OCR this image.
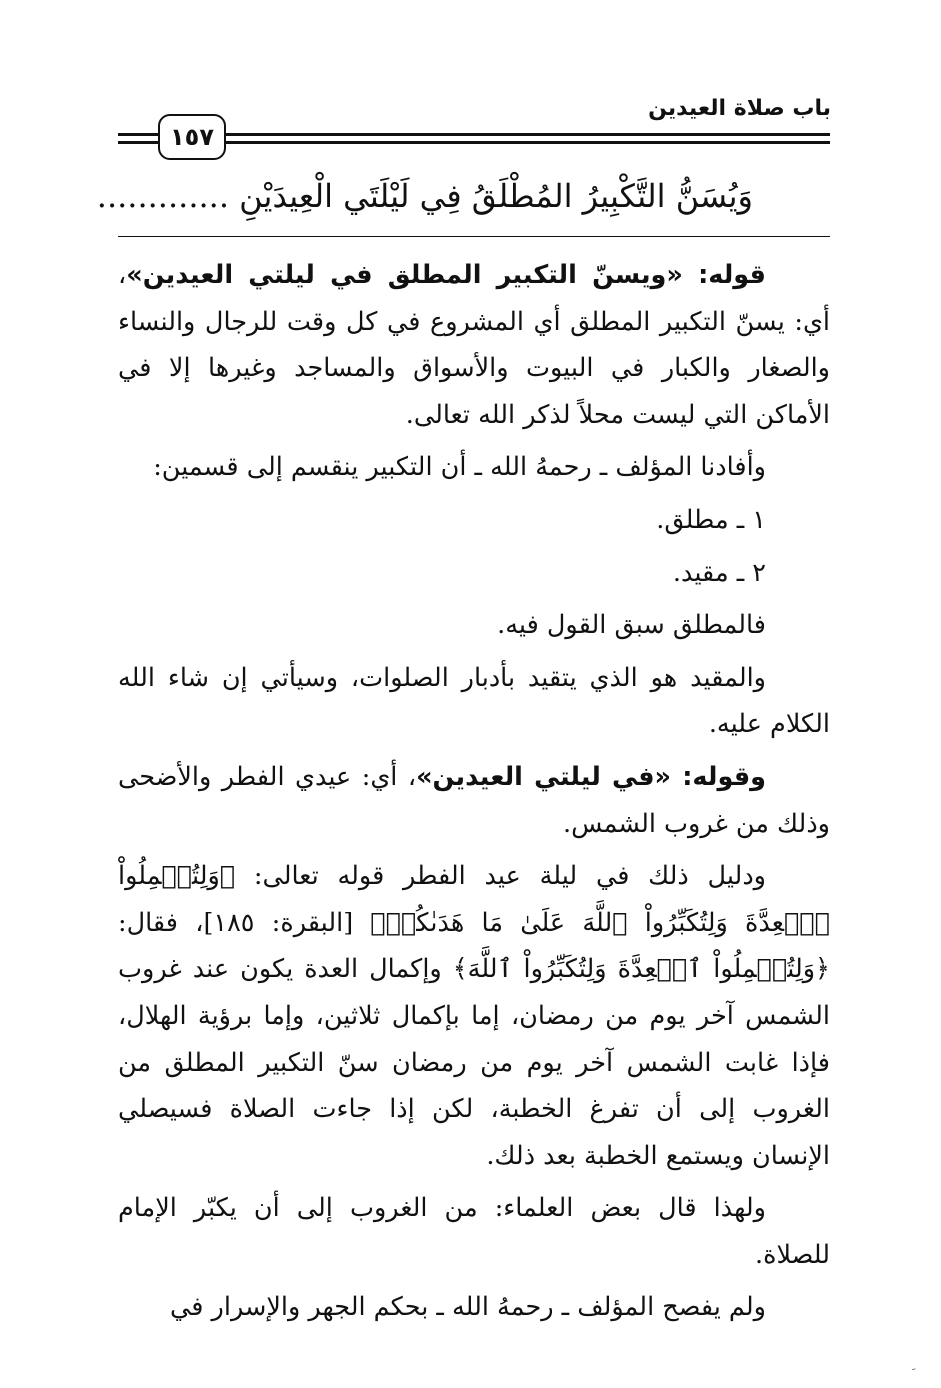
باب صلاة العيدين
١٥٧
وَيُسَنُّ التَّكْبِيرُ المُطْلَقُ فِي لَيْلَتَي الْعِيدَيْنِ .............

قوله: «ويسنّ التكبير المطلق في ليلتي العيدين»، أي: يسنّ التكبير المطلق أي المشروع في كل وقت للرجال والنساء والصغار والكبار في البيوت والأسواق والمساجد وغيرها إلا في الأماكن التي ليست محلاً لذكر الله تعالى.

وأفادنا المؤلف ـ رحمهُ الله ـ أن التكبير ينقسم إلى قسمين:

١ ـ مطلق.

٢ ـ مقيد.

فالمطلق سبق القول فيه.

والمقيد هو الذي يتقيد بأدبار الصلوات، وسيأتي إن شاء الله الكلام عليه.

وقوله: «في ليلتي العيدين»، أي: عيدي الفطر والأضحى وذلك من غروب الشمس.

ودليل ذلك في ليلة عيد الفطر قوله تعالى: ﴿وَلِتُكۡمِلُواْ ٱلۡعِدَّةَ وَلِتُكَبِّرُواْ ٱللَّهَ عَلَىٰ مَا هَدَىٰكُمۡ﴾ [البقرة: ١٨٥]، فقال: ﴿وَلِتُكۡمِلُواْ ٱلۡعِدَّةَ وَلِتُكَبِّرُواْ ٱللَّهَ﴾ وإكمال العدة يكون عند غروب الشمس آخر يوم من رمضان، إما بإكمال ثلاثين، وإما برؤية الهلال، فإذا غابت الشمس آخر يوم من رمضان سنّ التكبير المطلق من الغروب إلى أن تفرغ الخطبة، لكن إذا جاءت الصلاة فسيصلي الإنسان ويستمع الخطبة بعد ذلك.

ولهذا قال بعض العلماء: من الغروب إلى أن يكبّر الإمام للصلاة.

ولم يفصح المؤلف ـ رحمهُ الله ـ بحكم الجهر والإسرار في

ﹶ
